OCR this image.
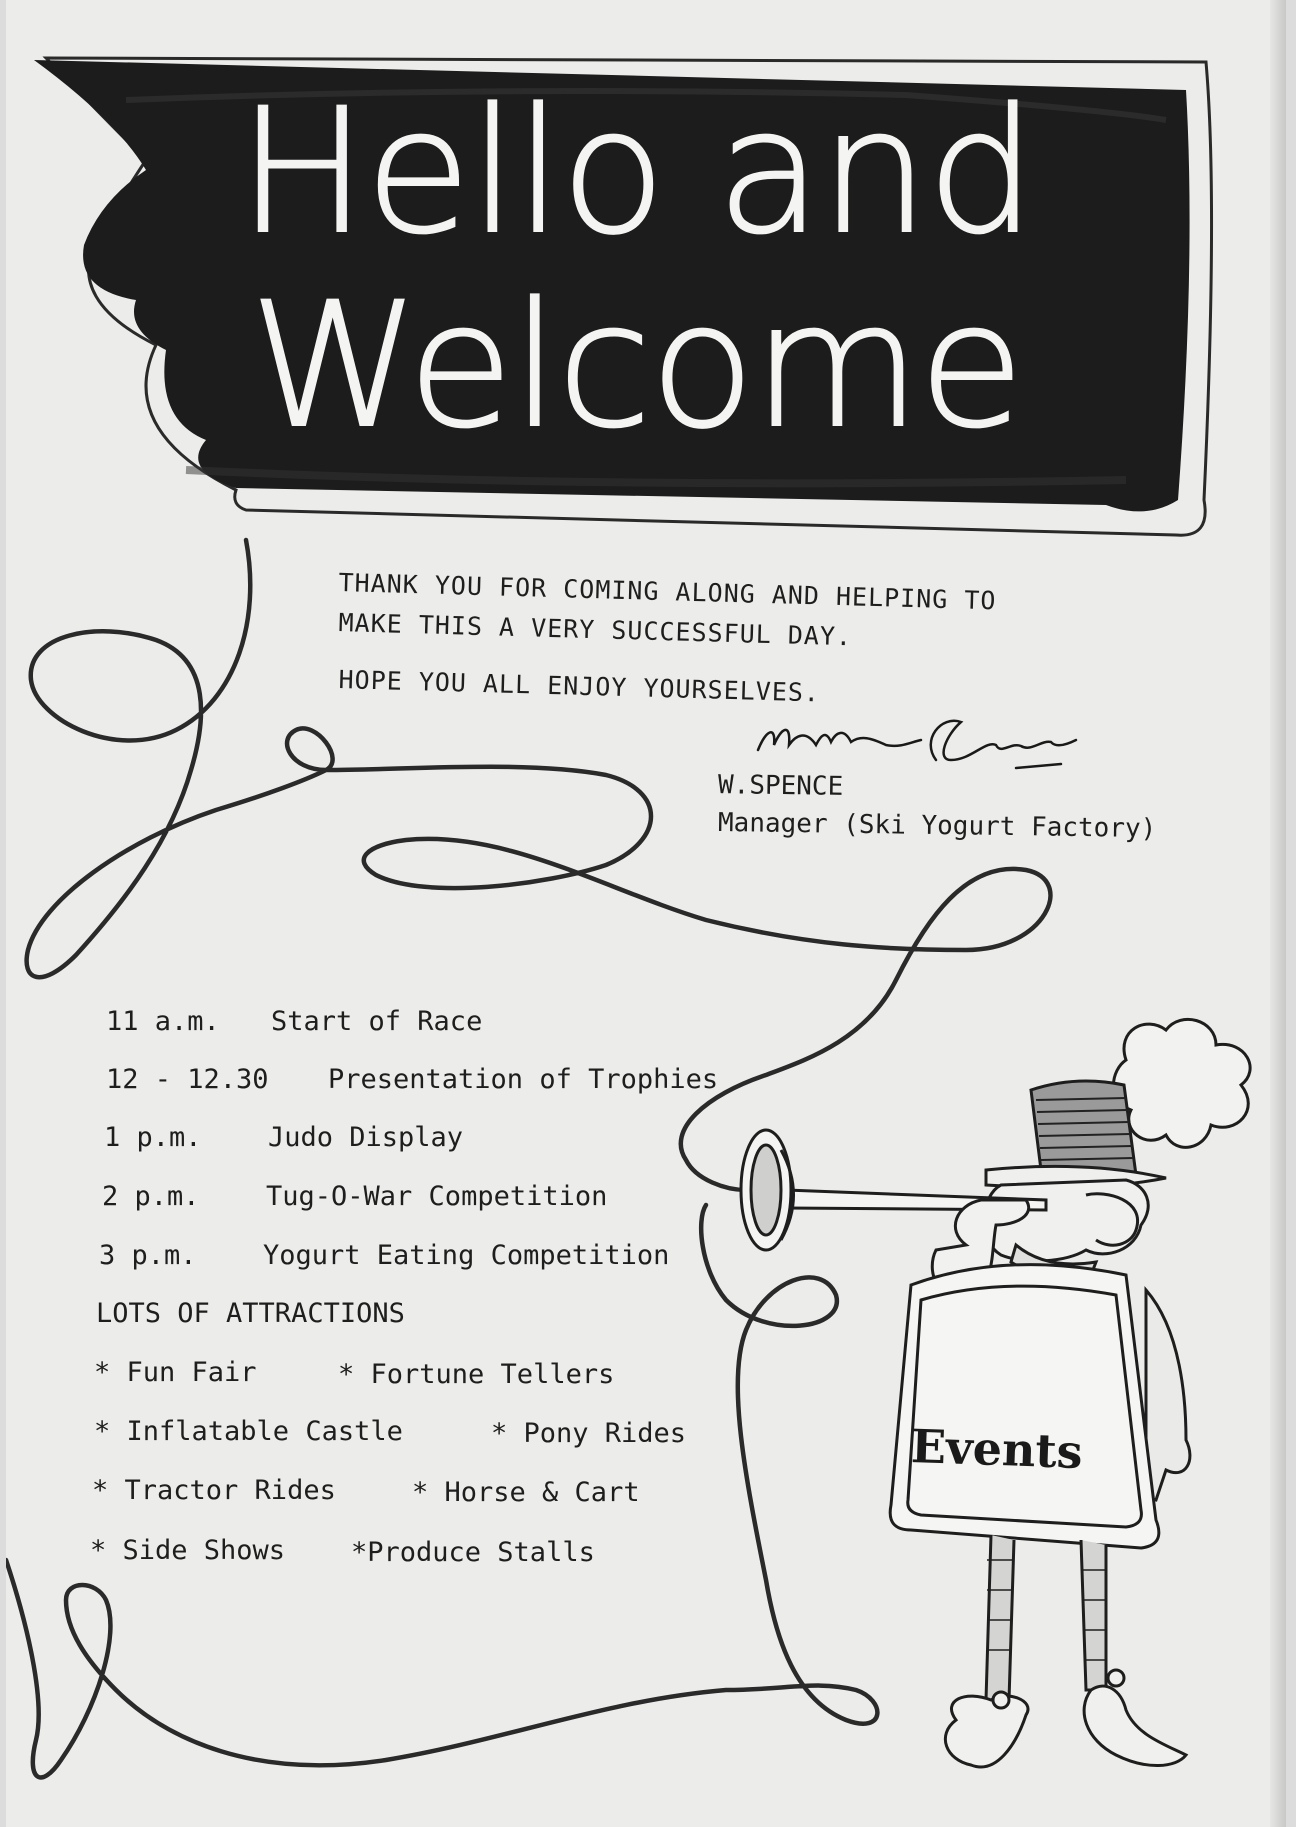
Hello and
Welcome
THANK YOU FOR COMING ALONG AND HELPING TO
MAKE THIS A VERY SUCCESSFUL DAY.
HOPE YOU ALL ENJOY YOURSELVES.
W.SPENCE
Manager (Ski Yogurt Factory)
11 a.m. Start of Race
12 - 12.30 Presentation of Trophies
1 p.m. Judo Display
2 p.m. Tug-O-War Competition
3 p.m. Yogurt Eating Competition
LOTS OF ATTRACTIONS
* Fun Fair	* Fortune Tellers
* Inflatable Castle	* Pony Rides
* Tractor Rides	* Horse & Cart
* Side Shows *Produce Stalls
Events
